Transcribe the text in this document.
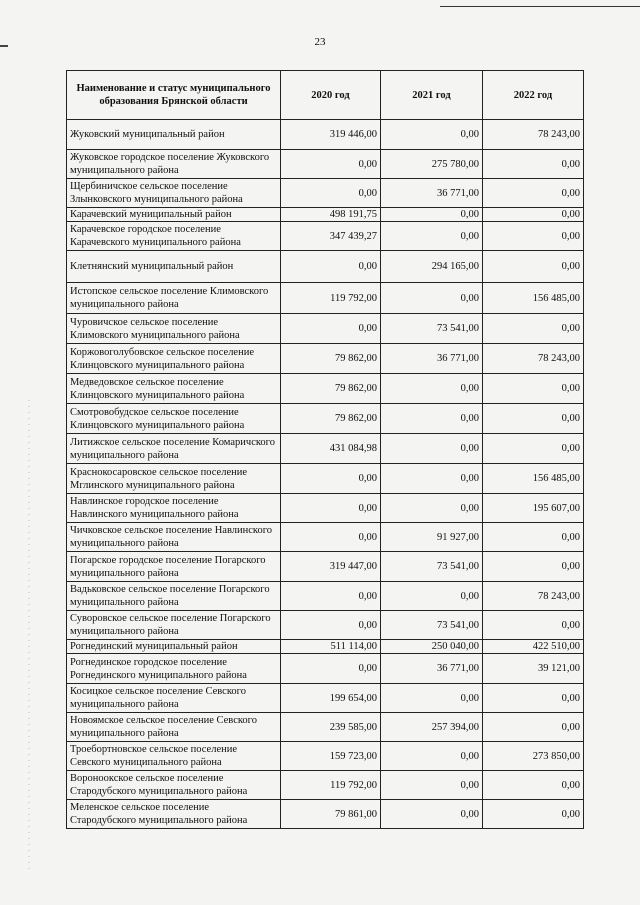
23
Наименование и статус муниципального образования Брянской области	2020 год	2021 год	2022 год
Жуковский муниципальный район	319 446,00	0,00	78 243,00
Жуковское городское поселение Жуковского муниципального района	0,00	275 780,00	0,00
Щербиничское сельское поселение Злынковского муниципального района	0,00	36 771,00	0,00
Карачевский муниципальный район	498 191,75	0,00	0,00
Карачевское городское поселение Карачевского муниципального района	347 439,27	0,00	0,00
Клетнянский муниципальный район	0,00	294 165,00	0,00
Истопское сельское поселение Климовского муниципального района	119 792,00	0,00	156 485,00
Чуровичское сельское поселение Климовского муниципального района	0,00	73 541,00	0,00
Коржовоголубовское сельское поселение Клинцовского муниципального района	79 862,00	36 771,00	78 243,00
Медведовское сельское поселение Клинцовского муниципального района	79 862,00	0,00	0,00
Смотровобудское сельское поселение Клинцовского муниципального района	79 862,00	0,00	0,00
Литижское сельское поселение Комаричского муниципального района	431 084,98	0,00	0,00
Краснокосаровское сельское поселение Мглинского муниципального района	0,00	0,00	156 485,00
Навлинское городское поселение Навлинского муниципального района	0,00	0,00	195 607,00
Чичковское сельское поселение Навлинского муниципального района	0,00	91 927,00	0,00
Погарское городское поселение Погарского муниципального района	319 447,00	73 541,00	0,00
Вадьковское сельское поселение Погарского муниципального района	0,00	0,00	78 243,00
Суворовское сельское поселение Погарского муниципального района	0,00	73 541,00	0,00
Рогнединский муниципальный район	511 114,00	250 040,00	422 510,00
Рогнединское городское поселение Рогнединского муниципального района	0,00	36 771,00	39 121,00
Косицкое сельское поселение Севского муниципального района	199 654,00	0,00	0,00
Новоямское сельское поселение Севского муниципального района	239 585,00	257 394,00	0,00
Троебортновское сельское поселение Севского муниципального района	159 723,00	0,00	273 850,00
Вороноокское сельское поселение Стародубского муниципального района	119 792,00	0,00	0,00
Меленское сельское поселение Стародубского муниципального района	79 861,00	0,00	0,00
